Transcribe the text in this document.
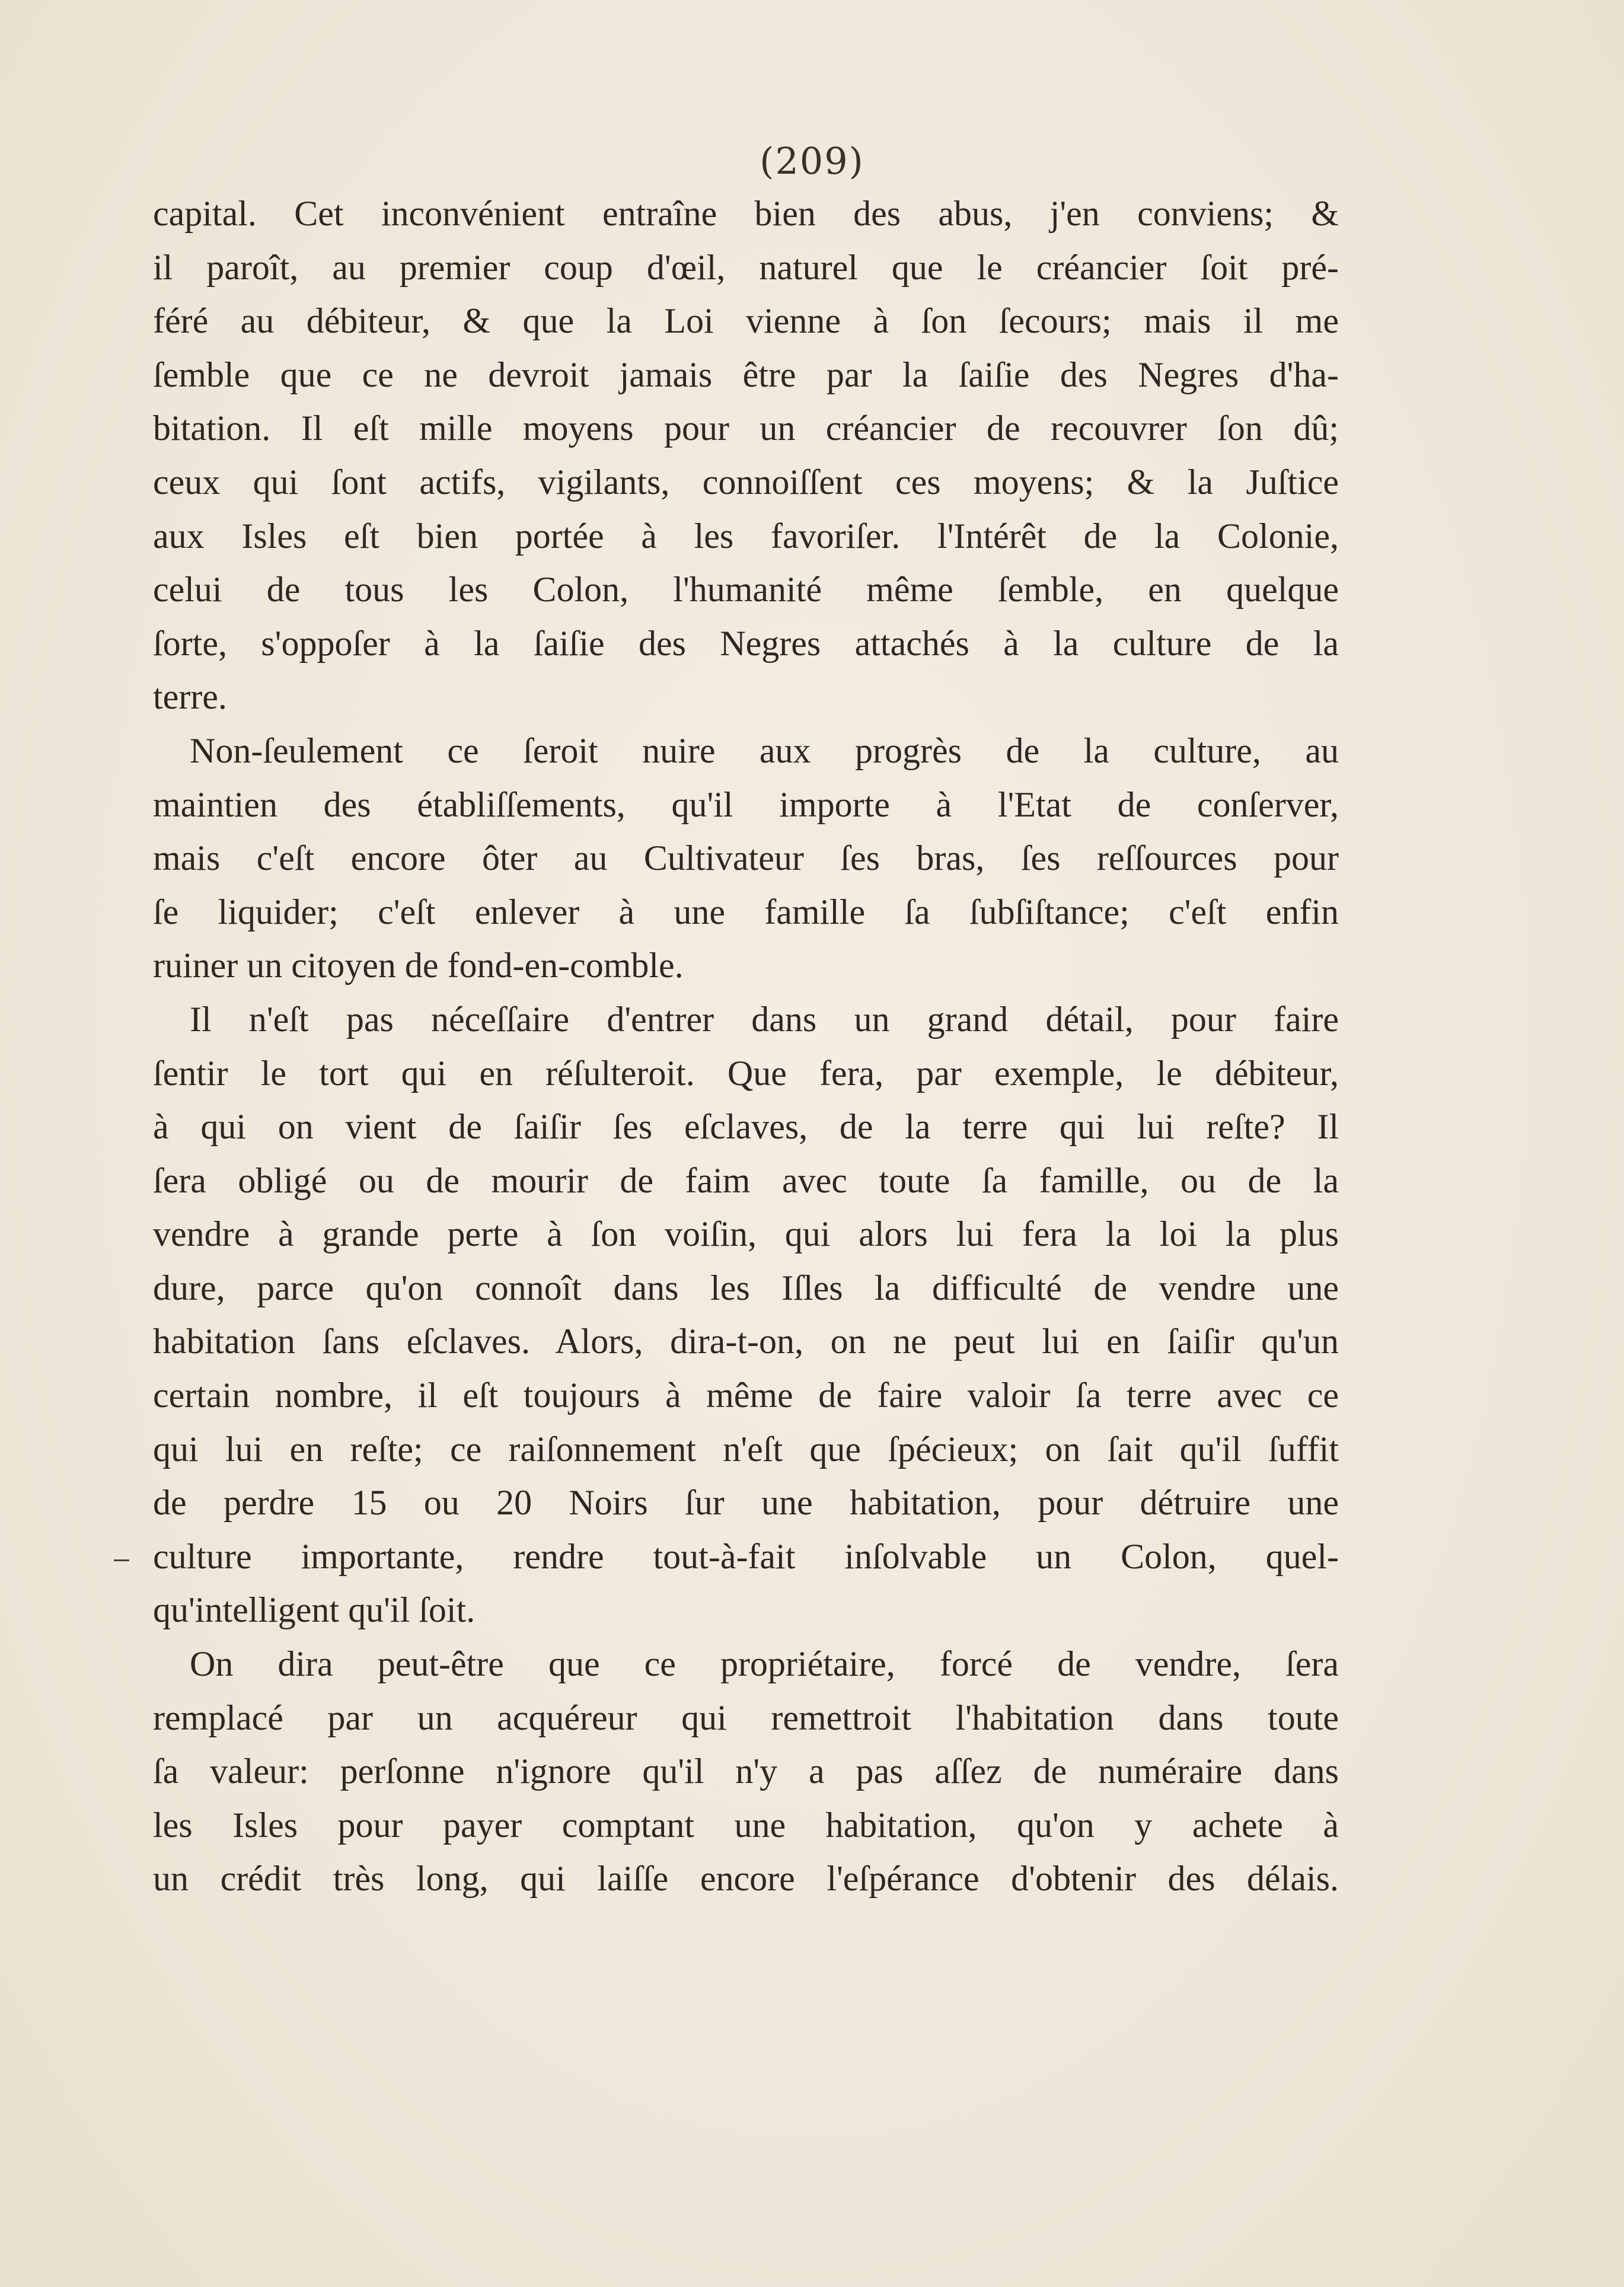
(209)
capital. Cet inconvénient entraîne bien des abus, j'en conviens; &
il paroît, au premier coup d'œil, naturel que le créancier ſoit pré-
féré au débiteur, & que la Loi vienne à ſon ſecours; mais il me
ſemble que ce ne devroit jamais être par la ſaiſie des Negres d'ha-
bitation. Il eſt mille moyens pour un créancier de recouvrer ſon dû;
ceux qui ſont actifs, vigilants, connoiſſent ces moyens; & la Juſtice
aux Isles eſt bien portée à les favoriſer. l'Intérêt de la Colonie,
celui de tous les Colon, l'humanité même ſemble, en quelque
ſorte, s'oppoſer à la ſaiſie des Negres attachés à la culture de la
terre.
Non-ſeulement ce ſeroit nuire aux progrès de la culture, au
maintien des établiſſements, qu'il importe à l'Etat de conſerver,
mais c'eſt encore ôter au Cultivateur ſes bras, ſes reſſources pour
ſe liquider; c'eſt enlever à une famille ſa ſubſiſtance; c'eſt enfin
ruiner un citoyen de fond-en-comble.
Il n'eſt pas néceſſaire d'entrer dans un grand détail, pour faire
ſentir le tort qui en réſulteroit. Que fera, par exemple, le débiteur,
à qui on vient de ſaiſir ſes eſclaves, de la terre qui lui reſte? Il
ſera obligé ou de mourir de faim avec toute ſa famille, ou de la
vendre à grande perte à ſon voiſin, qui alors lui fera la loi la plus
dure, parce qu'on connoît dans les Iſles la difficulté de vendre une
habitation ſans eſclaves. Alors, dira-t-on, on ne peut lui en ſaiſir qu'un
certain nombre, il eſt toujours à même de faire valoir ſa terre avec ce
qui lui en reſte; ce raiſonnement n'eſt que ſpécieux; on ſait qu'il ſuffit
de perdre 15 ou 20 Noirs ſur une habitation, pour détruire une
culture importante, rendre tout-à-fait inſolvable un Colon, quel-
qu'intelligent qu'il ſoit.
On dira peut-être que ce propriétaire, forcé de vendre, ſera
remplacé par un acquéreur qui remettroit l'habitation dans toute
ſa valeur: perſonne n'ignore qu'il n'y a pas aſſez de numéraire dans
les Isles pour payer comptant une habitation, qu'on y achete à
un crédit très long, qui laiſſe encore l'eſpérance d'obtenir des délais.
